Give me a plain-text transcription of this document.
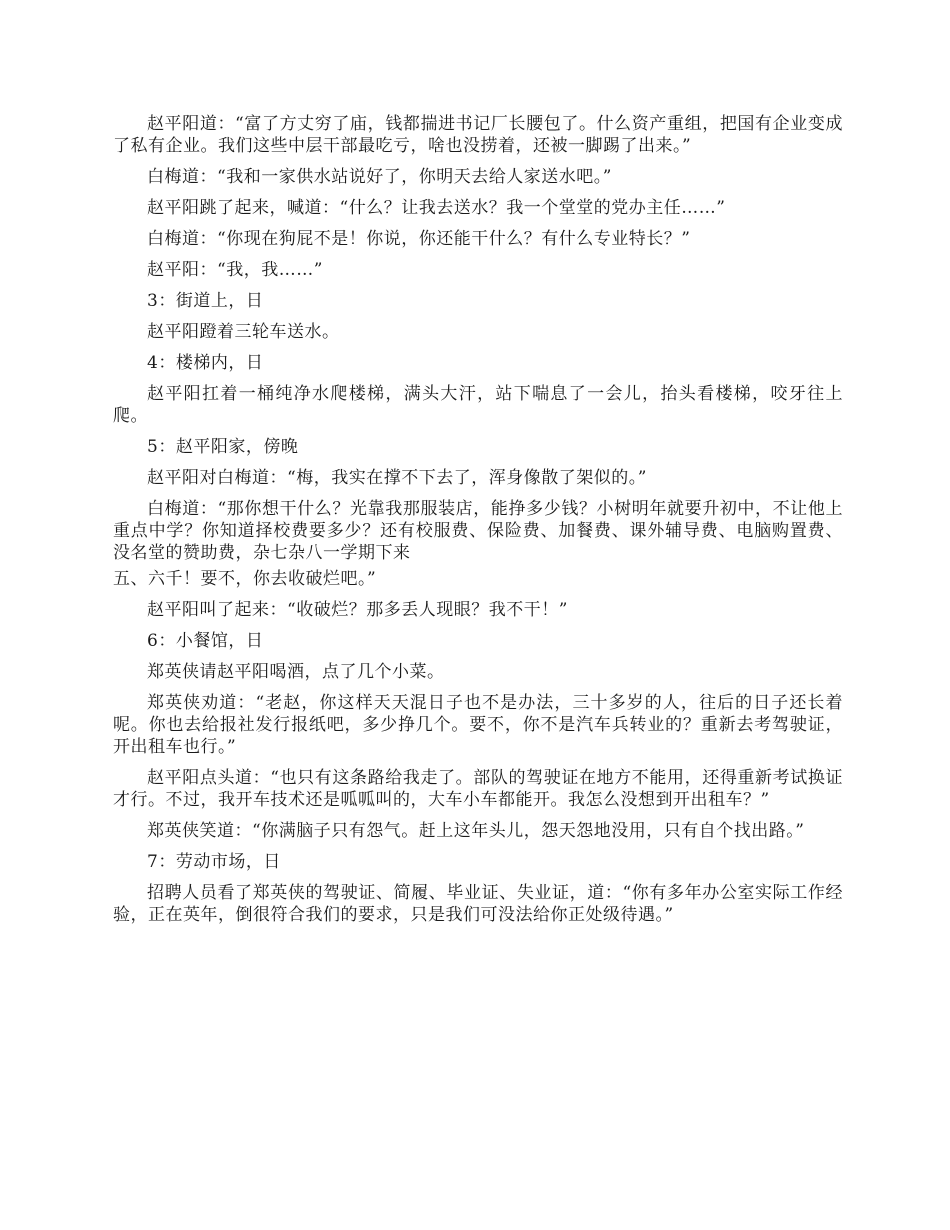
赵平阳道：“富了方丈穷了庙，钱都揣进书记厂长腰包了。什么资产重组，把国有企业变成了私有企业。我们这些中层干部最吃亏，啥也没捞着，还被一脚踢了出来。”

白梅道：“我和一家供水站说好了，你明天去给人家送水吧。”

赵平阳跳了起来，喊道：“什么？让我去送水？我一个堂堂的党办主任……”

白梅道：“你现在狗屁不是！你说，你还能干什么？有什么专业特长？”

赵平阳：“我，我……”

3：街道上，日

赵平阳蹬着三轮车送水。

4：楼梯内，日

赵平阳扛着一桶纯净水爬楼梯，满头大汗，站下喘息了一会儿，抬头看楼梯，咬牙往上爬。

5：赵平阳家，傍晚

赵平阳对白梅道：“梅，我实在撑不下去了，浑身像散了架似的。”

白梅道：“那你想干什么？光靠我那服装店，能挣多少钱？小树明年就要升初中，不让他上重点中学？你知道择校费要多少？还有校服费、保险费、加餐费、课外辅导费、电脑购置费、没名堂的赞助费，杂七杂八一学期下来

五、六千！要不，你去收破烂吧。”

赵平阳叫了起来：“收破烂？那多丢人现眼？我不干！”

6：小餐馆，日

郑英侠请赵平阳喝酒，点了几个小菜。

郑英侠劝道：“老赵，你这样天天混日子也不是办法，三十多岁的人，往后的日子还长着呢。你也去给报社发行报纸吧，多少挣几个。要不，你不是汽车兵转业的？重新去考驾驶证，开出租车也行。”

赵平阳点头道：“也只有这条路给我走了。部队的驾驶证在地方不能用，还得重新考试换证才行。不过，我开车技术还是呱呱叫的，大车小车都能开。我怎么没想到开出租车？”

郑英侠笑道：“你满脑子只有怨气。赶上这年头儿，怨天怨地没用，只有自个找出路。”

7：劳动市场，日

招聘人员看了郑英侠的驾驶证、简履、毕业证、失业证，道：“你有多年办公室实际工作经验，正在英年，倒很符合我们的要求，只是我们可没法给你正处级待遇。”
